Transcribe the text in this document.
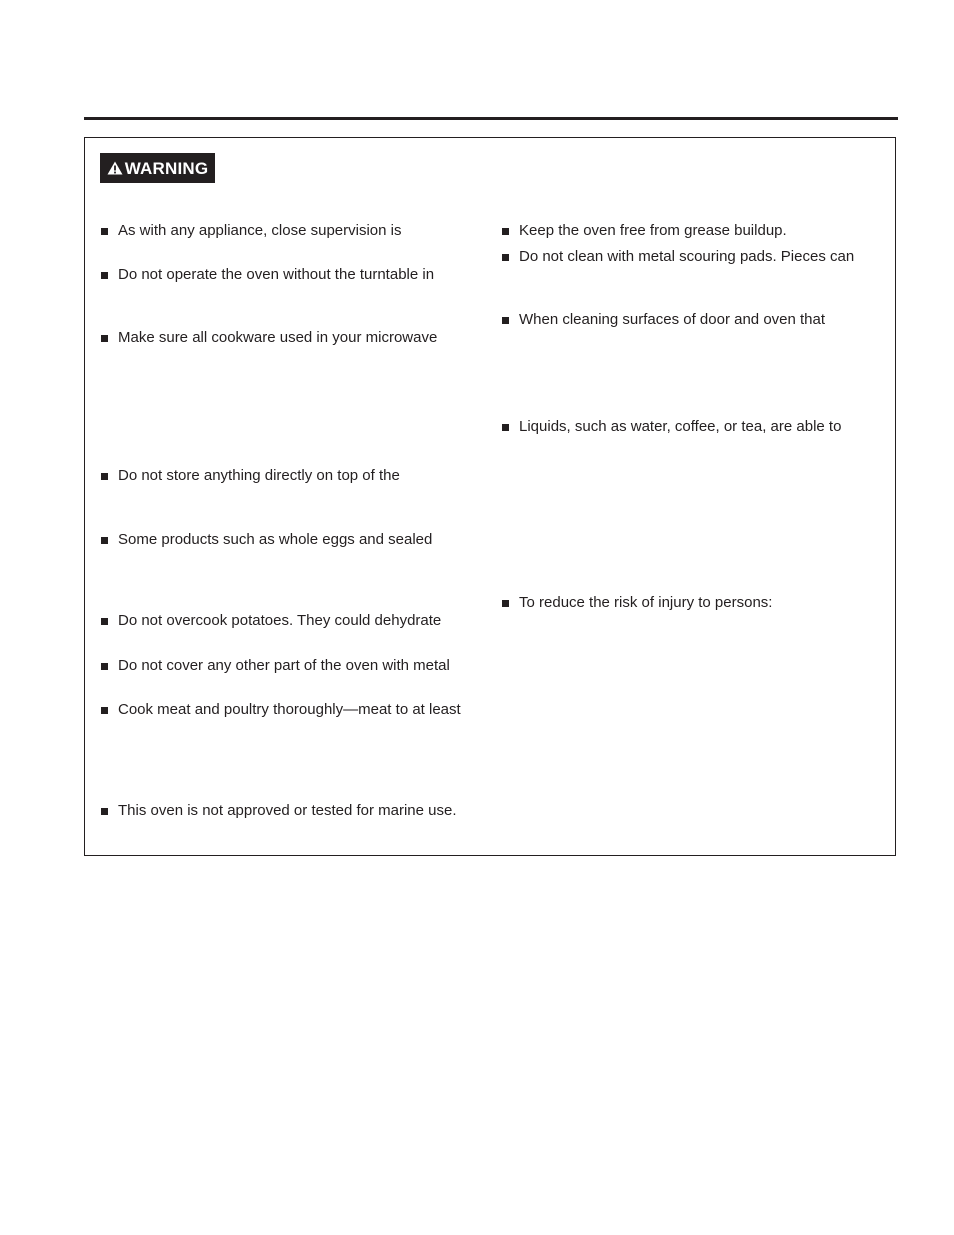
WARNING
As with any appliance, close supervision is
Do not operate the oven without the turntable in
Make sure all cookware used in your microwave
Do not store anything directly on top of the
Some products such as whole eggs and sealed
Do not overcook potatoes. They could dehydrate
Do not cover any other part of the oven with metal
Cook meat and poultry thoroughly—meat to at least
This oven is not approved or tested for marine use.
Keep the oven free from grease buildup.
Do not clean with metal scouring pads. Pieces can
When cleaning surfaces of door and oven that
Liquids, such as water, coffee, or tea, are able to
To reduce the risk of injury to persons:
